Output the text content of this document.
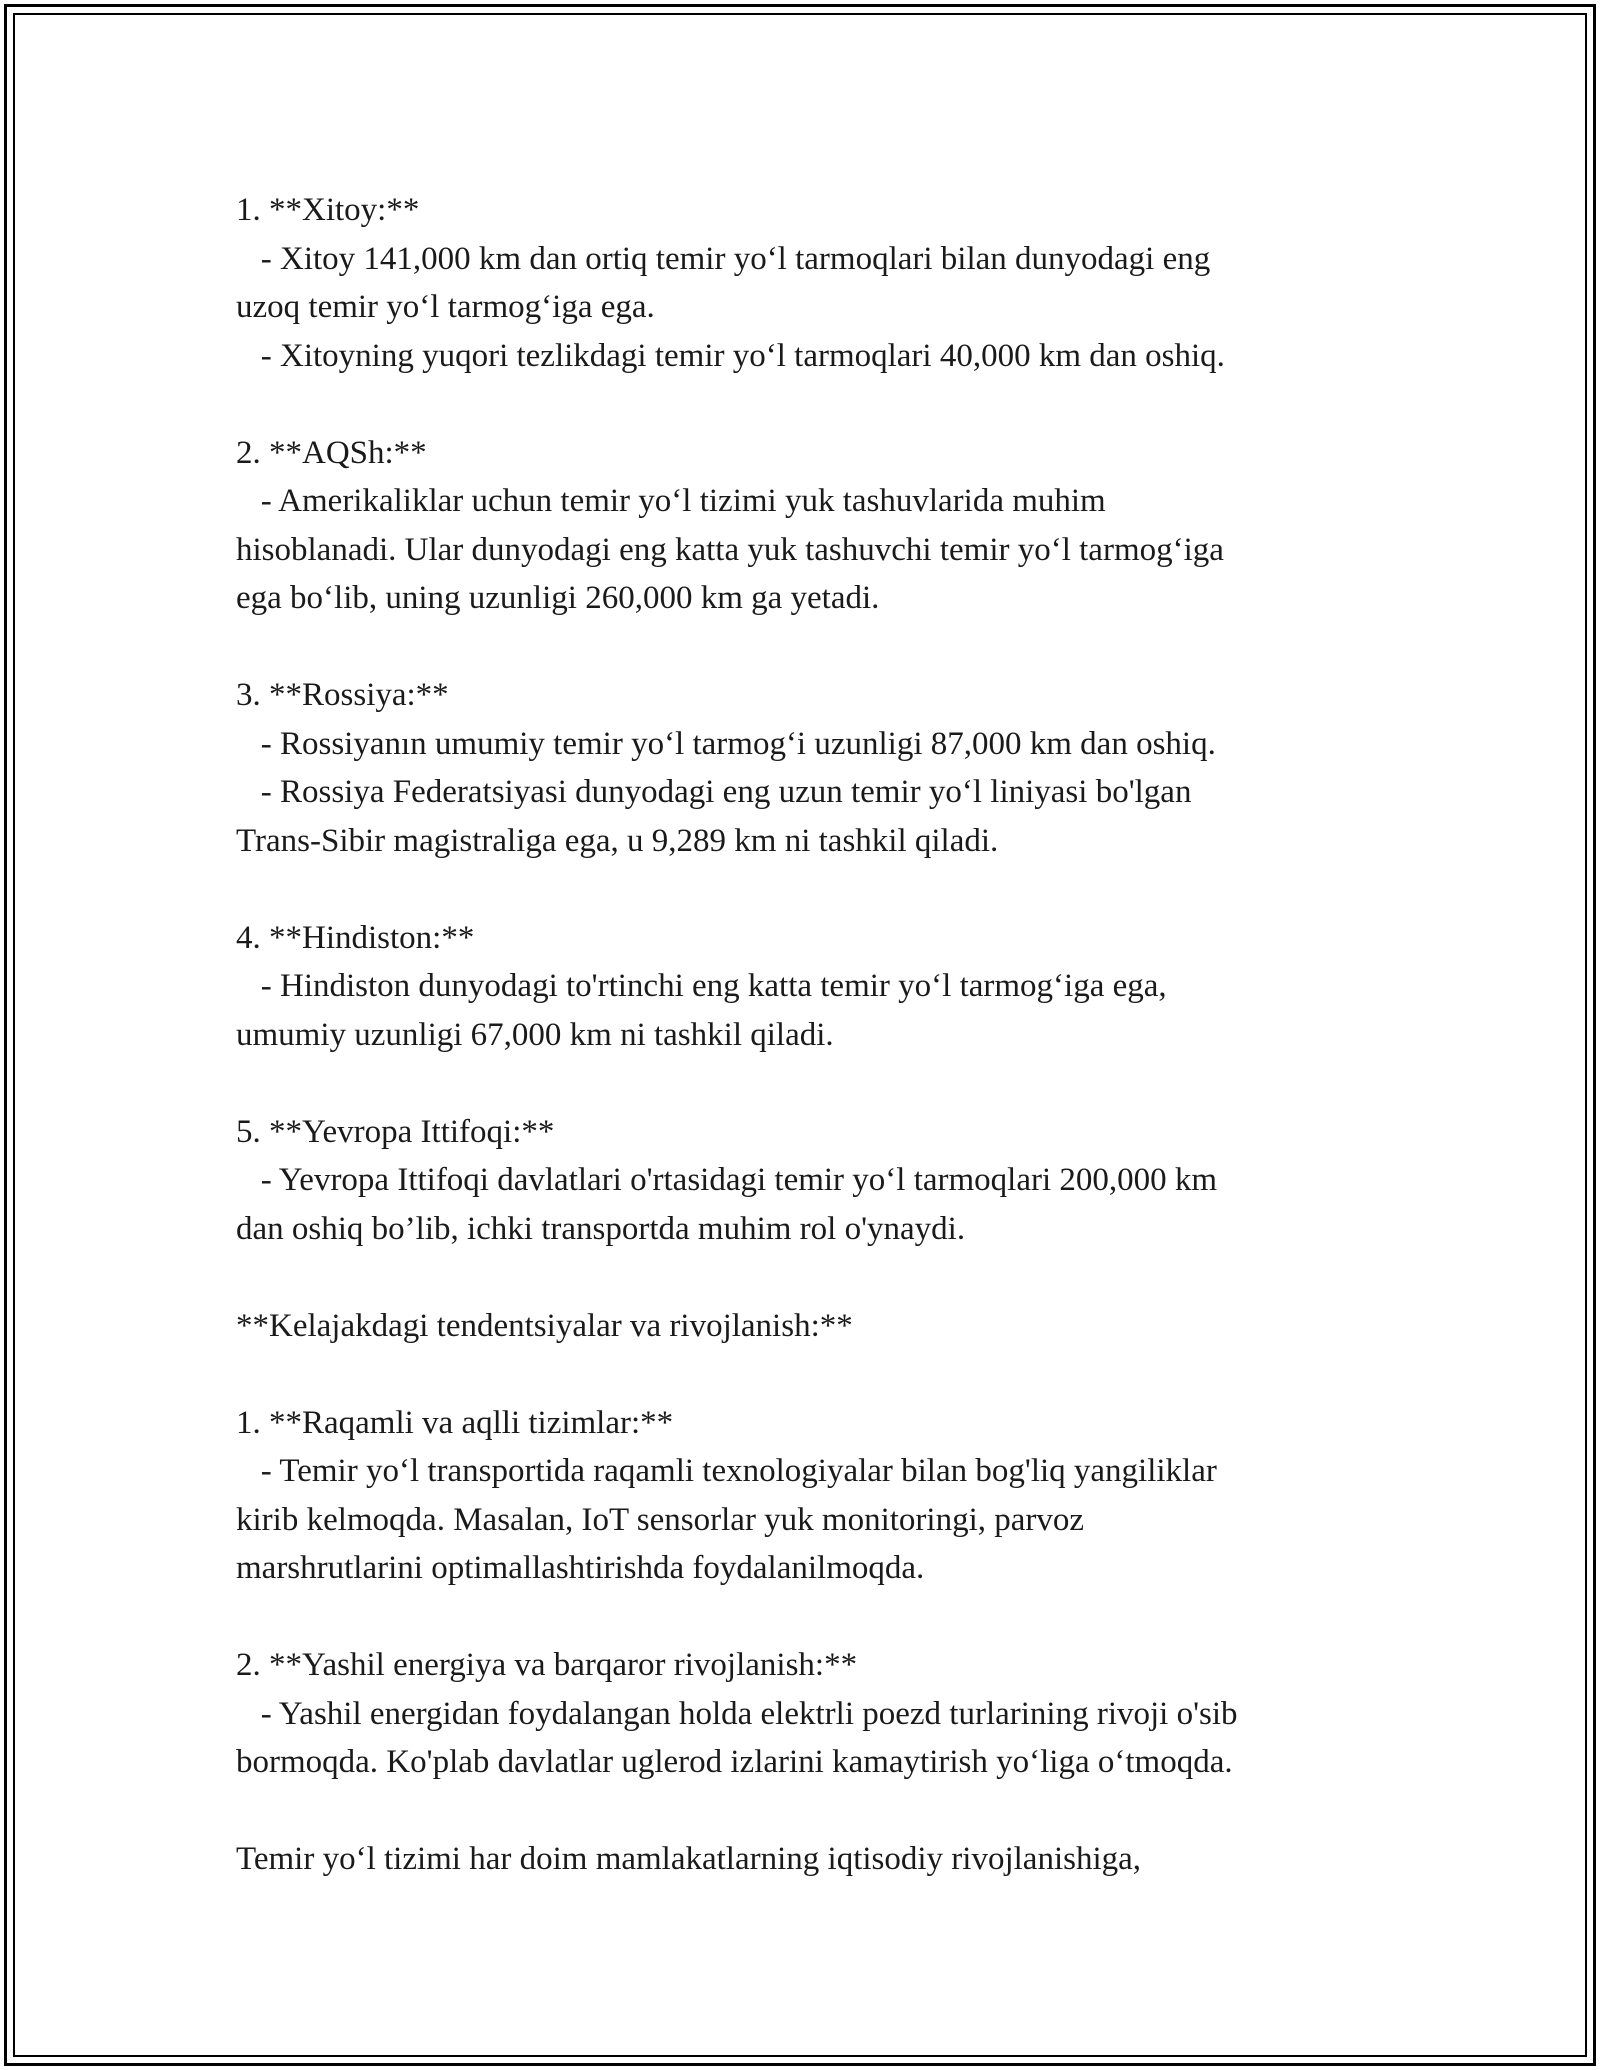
1. **Xitoy:**
- Xitoy 141,000 km dan ortiq temir yo‘l tarmoqlari bilan dunyodagi eng
uzoq temir yo‘l tarmog‘iga ega.
- Xitoyning yuqori tezlikdagi temir yo‘l tarmoqlari 40,000 km dan oshiq.
2. **AQSh:**
- Amerikaliklar uchun temir yo‘l tizimi yuk tashuvlarida muhim
hisoblanadi. Ular dunyodagi eng katta yuk tashuvchi temir yo‘l tarmog‘iga
ega bo‘lib, uning uzunligi 260,000 km ga yetadi.
3. **Rossiya:**
- Rossiyanın umumiy temir yo‘l tarmog‘i uzunligi 87,000 km dan oshiq.
- Rossiya Federatsiyasi dunyodagi eng uzun temir yo‘l liniyasi bo'lgan
Trans-Sibir magistraliga ega, u 9,289 km ni tashkil qiladi.
4. **Hindiston:**
- Hindiston dunyodagi to'rtinchi eng katta temir yo‘l tarmog‘iga ega,
umumiy uzunligi 67,000 km ni tashkil qiladi.
5. **Yevropa Ittifoqi:**
- Yevropa Ittifoqi davlatlari o'rtasidagi temir yo‘l tarmoqlari 200,000 km
dan oshiq bo’lib, ichki transportda muhim rol o'ynaydi.
**Kelajakdagi tendentsiyalar va rivojlanish:**
1. **Raqamli va aqlli tizimlar:**
- Temir yo‘l transportida raqamli texnologiyalar bilan bog'liq yangiliklar
kirib kelmoqda. Masalan, IoT sensorlar yuk monitoringi, parvoz
marshrutlarini optimallashtirishda foydalanilmoqda.
2. **Yashil energiya va barqaror rivojlanish:**
- Yashil energidan foydalangan holda elektrli poezd turlarining rivoji o'sib
bormoqda. Ko'plab davlatlar uglerod izlarini kamaytirish yo‘liga o‘tmoqda.
Temir yo‘l tizimi har doim mamlakatlarning iqtisodiy rivojlanishiga,
